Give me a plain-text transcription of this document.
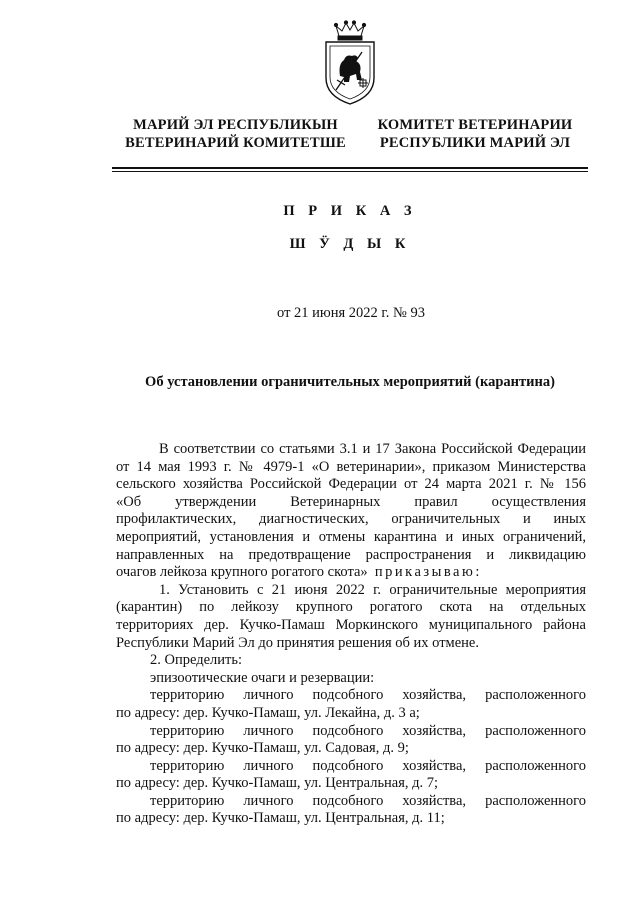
МАРИЙ ЭЛ РЕСПУБЛИКЫН
ВЕТЕРИНАРИЙ КОМИТЕТШЕ
КОМИТЕТ ВЕТЕРИНАРИИ
РЕСПУБЛИКИ МАРИЙ ЭЛ
П Р И К А З
Ш Ӱ Д Ы К
от 21 июня 2022 г. № 93
Об установлении ограничительных мероприятий (карантина)

В соответствии со статьями 3.1 и 17 Закона Российской Федерации

от 14 мая 1993 г. № 4979-1 «О ветеринарии», приказом Министерства

сельского хозяйства Российской Федерации от 24 марта 2021 г. № 156

«Об утверждении Ветеринарных правил осуществления

профилактических, диагностических, ограничительных и иных

мероприятий, установления и отмены карантина и иных ограничений,

направленных на предотвращение распространения и ликвидацию

очагов лейкоза крупного рогатого скота» приказываю:

1. Установить с 21 июня 2022 г. ограничительные мероприятия

(карантин) по лейкозу крупного рогатого скота на отдельных

территориях дер. Кучко-Памаш Моркинского муниципального района

Республики Марий Эл до принятия решения об их отмене.

2. Определить:

эпизоотические очаги и резервации:

территорию личного подсобного хозяйства, расположенного

по адресу: дер. Кучко-Памаш, ул. Лекайна, д. 3 а;

территорию личного подсобного хозяйства, расположенного

по адресу: дер. Кучко-Памаш, ул. Садовая, д. 9;

территорию личного подсобного хозяйства, расположенного

по адресу: дер. Кучко-Памаш, ул. Центральная, д. 7;

территорию личного подсобного хозяйства, расположенного

по адресу: дер. Кучко-Памаш, ул. Центральная, д. 11;
